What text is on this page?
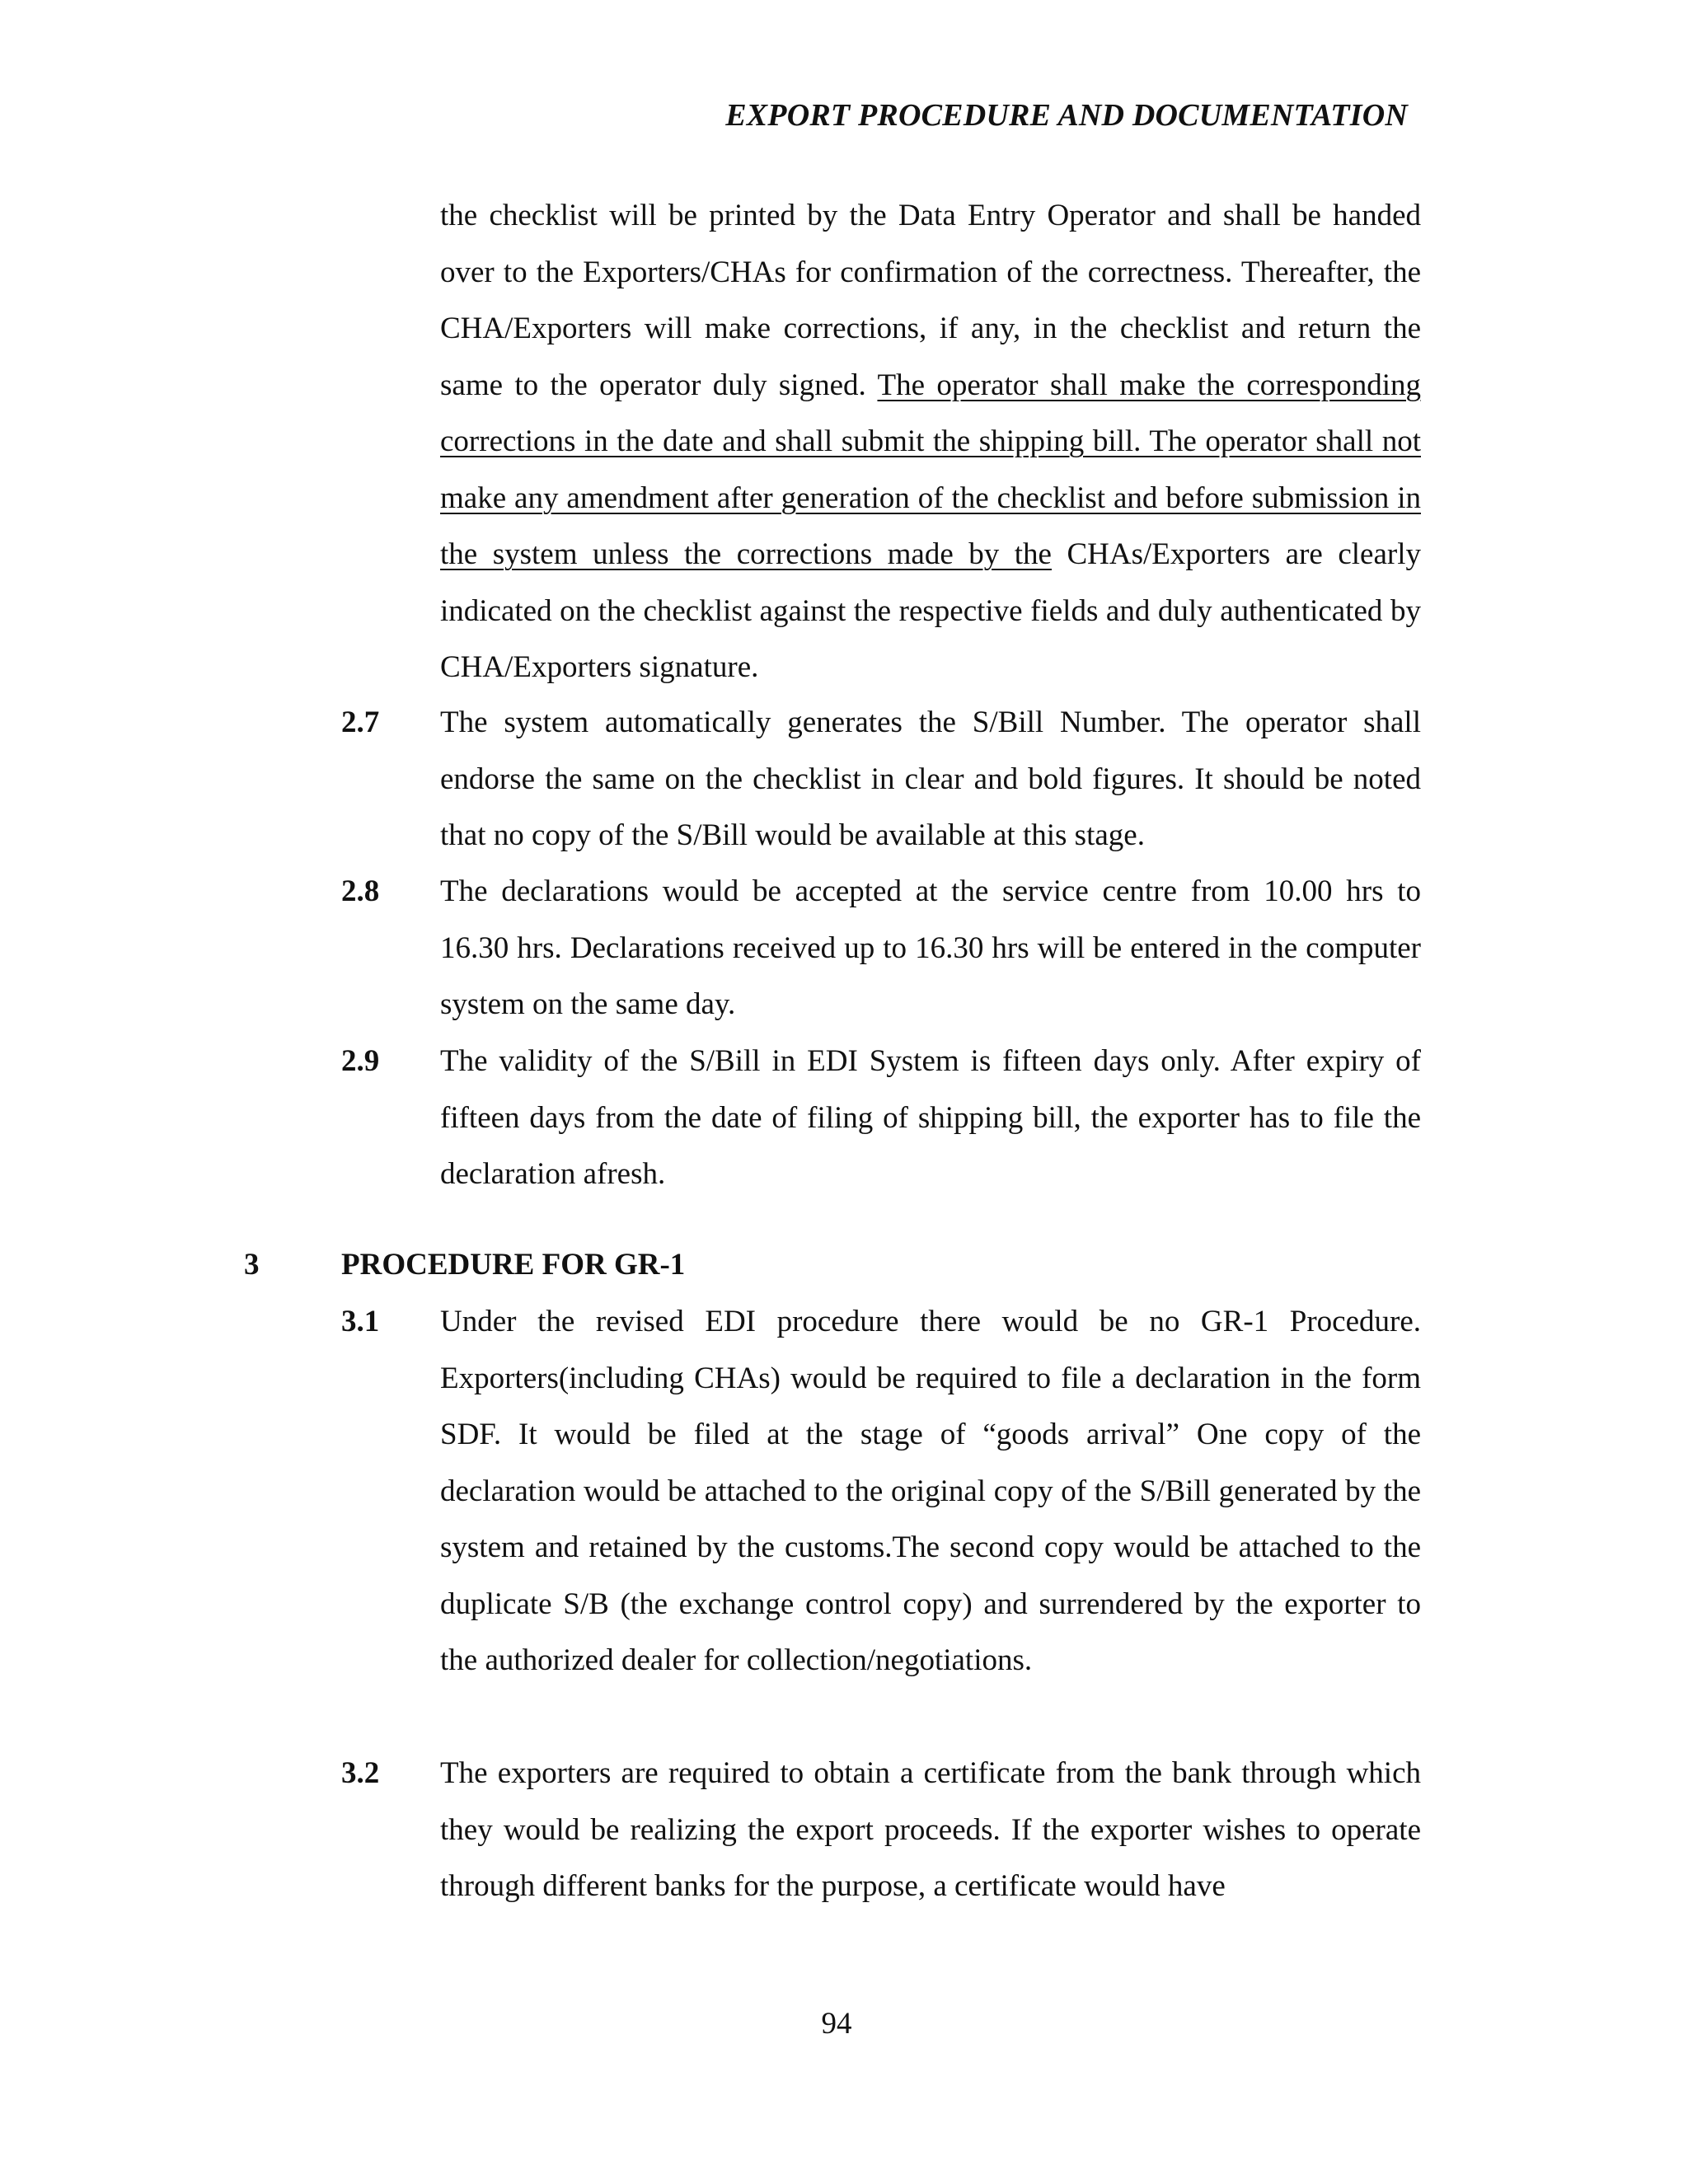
EXPORT PROCEDURE AND DOCUMENTATION
the checklist will be printed by the Data Entry Operator and shall be handed over to the Exporters/CHAs for confirmation of the correctness. Thereafter, the CHA/Exporters will make corrections, if any, in the checklist and return the same to the operator duly signed. The operator shall make the corresponding corrections in the date and shall submit the shipping bill. The operator shall not make any amendment after generation of the checklist and before submission in the system unless the corrections made by the CHAs/Exporters are clearly indicated on the checklist against the respective fields and duly authenticated by CHA/Exporters signature.
2.7 The system automatically generates the S/Bill Number. The operator shall endorse the same on the checklist in clear and bold figures. It should be noted that no copy of the S/Bill would be available at this stage.
2.8 The declarations would be accepted at the service centre from 10.00 hrs to 16.30 hrs. Declarations received up to 16.30 hrs will be entered in the computer system on the same day.
2.9 The validity of the S/Bill in EDI System is fifteen days only. After expiry of fifteen days from the date of filing of shipping bill, the exporter has to file the declaration afresh.
3	PROCEDURE FOR GR-1
3.1 Under the revised EDI procedure there would be no GR-1 Procedure. Exporters(including CHAs) would be required to file a declaration in the form SDF. It would be filed at the stage of “goods arrival” One copy of the declaration would be attached to the original copy of the S/Bill generated by the system and retained by the customs.The second copy would be attached to the duplicate S/B (the exchange control copy) and surrendered by the exporter to the authorized dealer for collection/negotiations.
3.2 The exporters are required to obtain a certificate from the bank through which they would be realizing the export proceeds. If the exporter wishes to operate through different banks for the purpose, a certificate would have
94
